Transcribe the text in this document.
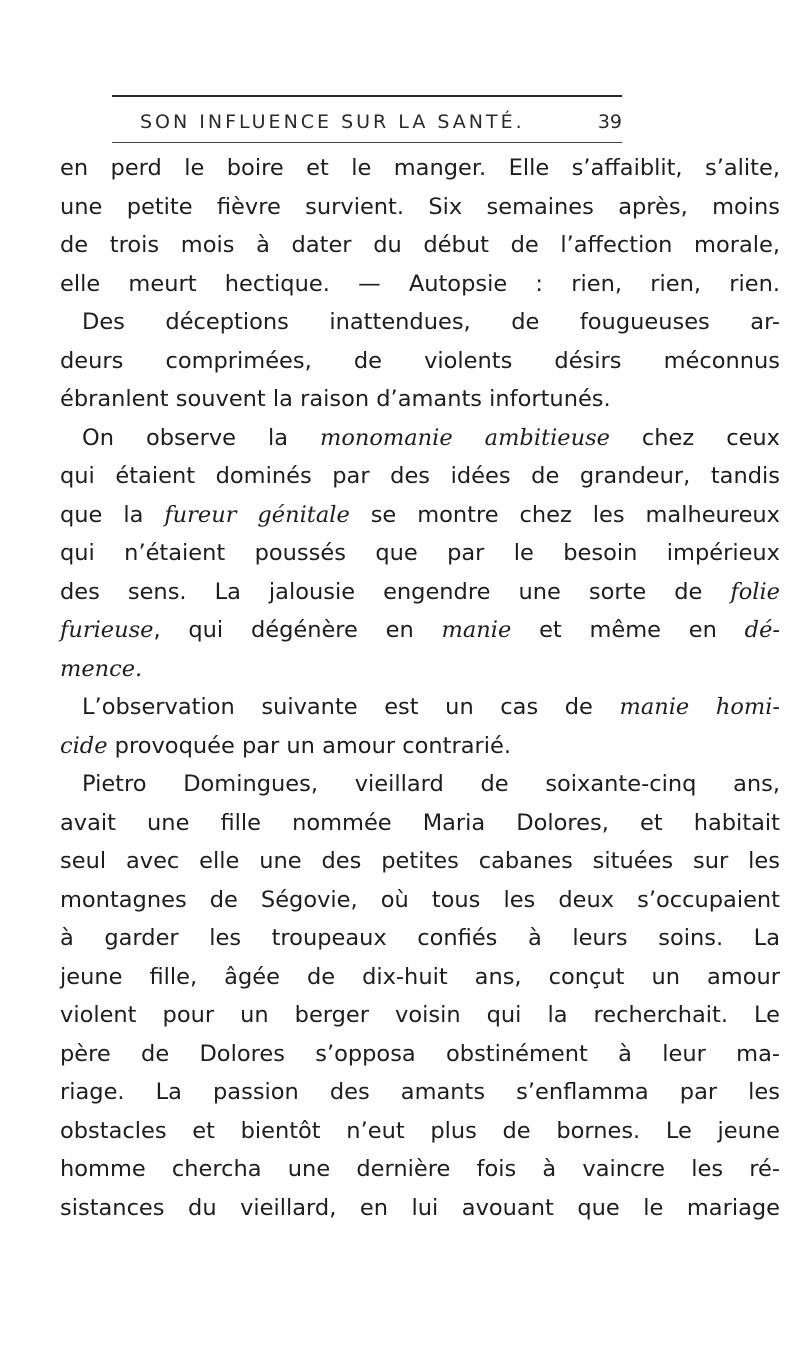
SON INFLUENCE SUR LA SANTÉ.	39
en perd le boire et le manger. Elle s’affaiblit, s’alite,
une petite fièvre survient. Six semaines après, moins
de trois mois à dater du début de l’affection morale,
elle meurt hectique. — Autopsie : rien, rien, rien.
Des déceptions inattendues, de fougueuses ar-
deurs comprimées, de violents désirs méconnus
ébranlent souvent la raison d’amants infortunés.
On observe la monomanie ambitieuse chez ceux
qui étaient dominés par des idées de grandeur, tandis
que la fureur génitale se montre chez les malheureux
qui n’étaient poussés que par le besoin impérieux
des sens. La jalousie engendre une sorte de folie
furieuse, qui dégénère en manie et même en dé-
mence.
L’observation suivante est un cas de manie homi-
cide provoquée par un amour contrarié.
Pietro Domingues, vieillard de soixante-cinq ans,
avait une fille nommée Maria Dolores, et habitait
seul avec elle une des petites cabanes situées sur les
montagnes de Ségovie, où tous les deux s’occupaient
à garder les troupeaux confiés à leurs soins. La
jeune fille, âgée de dix-huit ans, conçut un amour
violent pour un berger voisin qui la recherchait. Le
père de Dolores s’opposa obstinément à leur ma-
riage. La passion des amants s’enflamma par les
obstacles et bientôt n’eut plus de bornes. Le jeune
homme chercha une dernière fois à vaincre les ré-
sistances du vieillard, en lui avouant que le mariage
